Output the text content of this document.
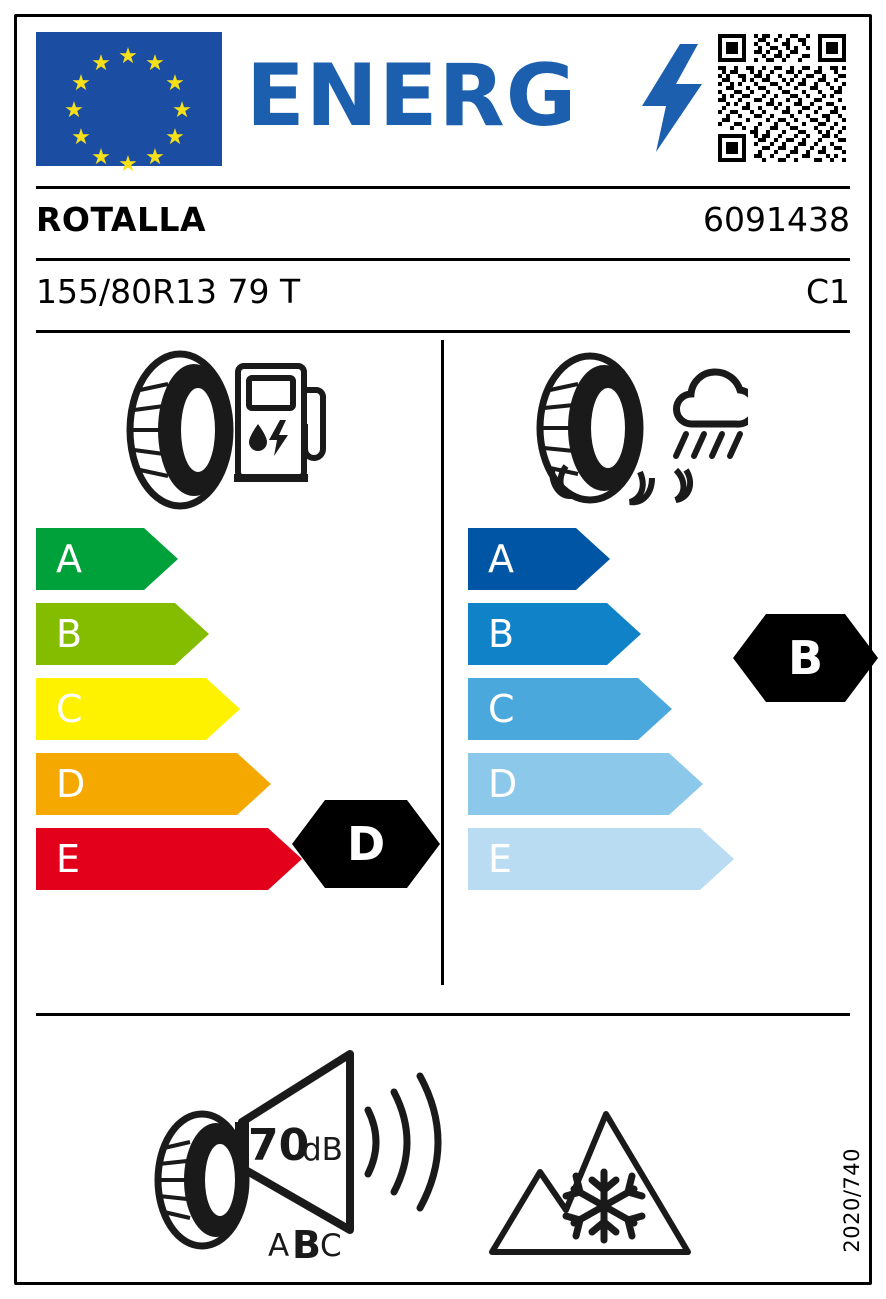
★ ★
★
★
★
★
★
★
★
★
★
★ ENERG
ROTALLA	6091438
155/80R13 79 T	C1
A
B
C
D
E
A
B
C
D
E
D
B
70
dB
A B C	2020/740
